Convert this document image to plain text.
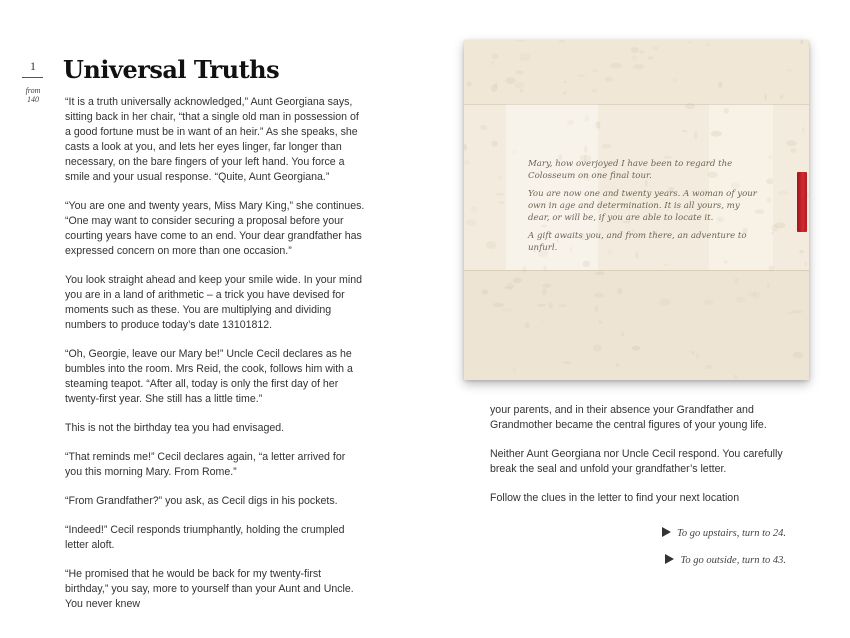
1
from
140
Universal Truths

“It is a truth universally acknowledged,” Aunt Georgiana says, sitting back in her chair, “that a single old man in possession of a good fortune must be in want of an heir.” As she speaks, she casts a look at you, and lets her eyes linger, far longer than necessary, on the bare fingers of your left hand. You force a smile and your usual response. “Quite, Aunt Georgiana.”

“You are one and twenty years, Miss Mary King,” she continues. “One may want to consider securing a proposal before your courting years have come to an end. Your dear grandfather has expressed concern on more than one occasion.”

You look straight ahead and keep your smile wide. In your mind you are in a land of arithmetic – a trick you have devised for moments such as these. You are multiplying and dividing numbers to produce today’s date 13101812.

“Oh, Georgie, leave our Mary be!” Uncle Cecil declares as he bumbles into the room. Mrs Reid, the cook, follows him with a steaming teapot. “After all, today is only the first day of her twenty-first year. She still has a little time.”

This is not the birthday tea you had envisaged.

“That reminds me!” Cecil declares again, “a letter arrived for you this morning Mary. From Rome.”

“From Grandfather?” you ask, as Cecil digs in his pockets.

“Indeed!” Cecil responds triumphantly, holding the crumpled letter aloft.

“He promised that he would be back for my twenty-first birthday,” you say, more to yourself than your Aunt and Uncle. You never knew

Mary, how overjoyed I have been to regard the Colosseum on one final tour.

You are now one and twenty years. A woman of your own in age and determination. It is all yours, my dear, or will be, if you are able to locate it.

A gift awaits you, and from there, an adventure to unfurl.

your parents, and in their absence your Grandfather and Grandmother became the central figures of your young life.

Neither Aunt Georgiana nor Uncle Cecil respond. You carefully break the seal and unfold your grandfather’s letter.

Follow the clues in the letter to find your next location

To go upstairs, turn to 24.
To go outside, turn to 43.
